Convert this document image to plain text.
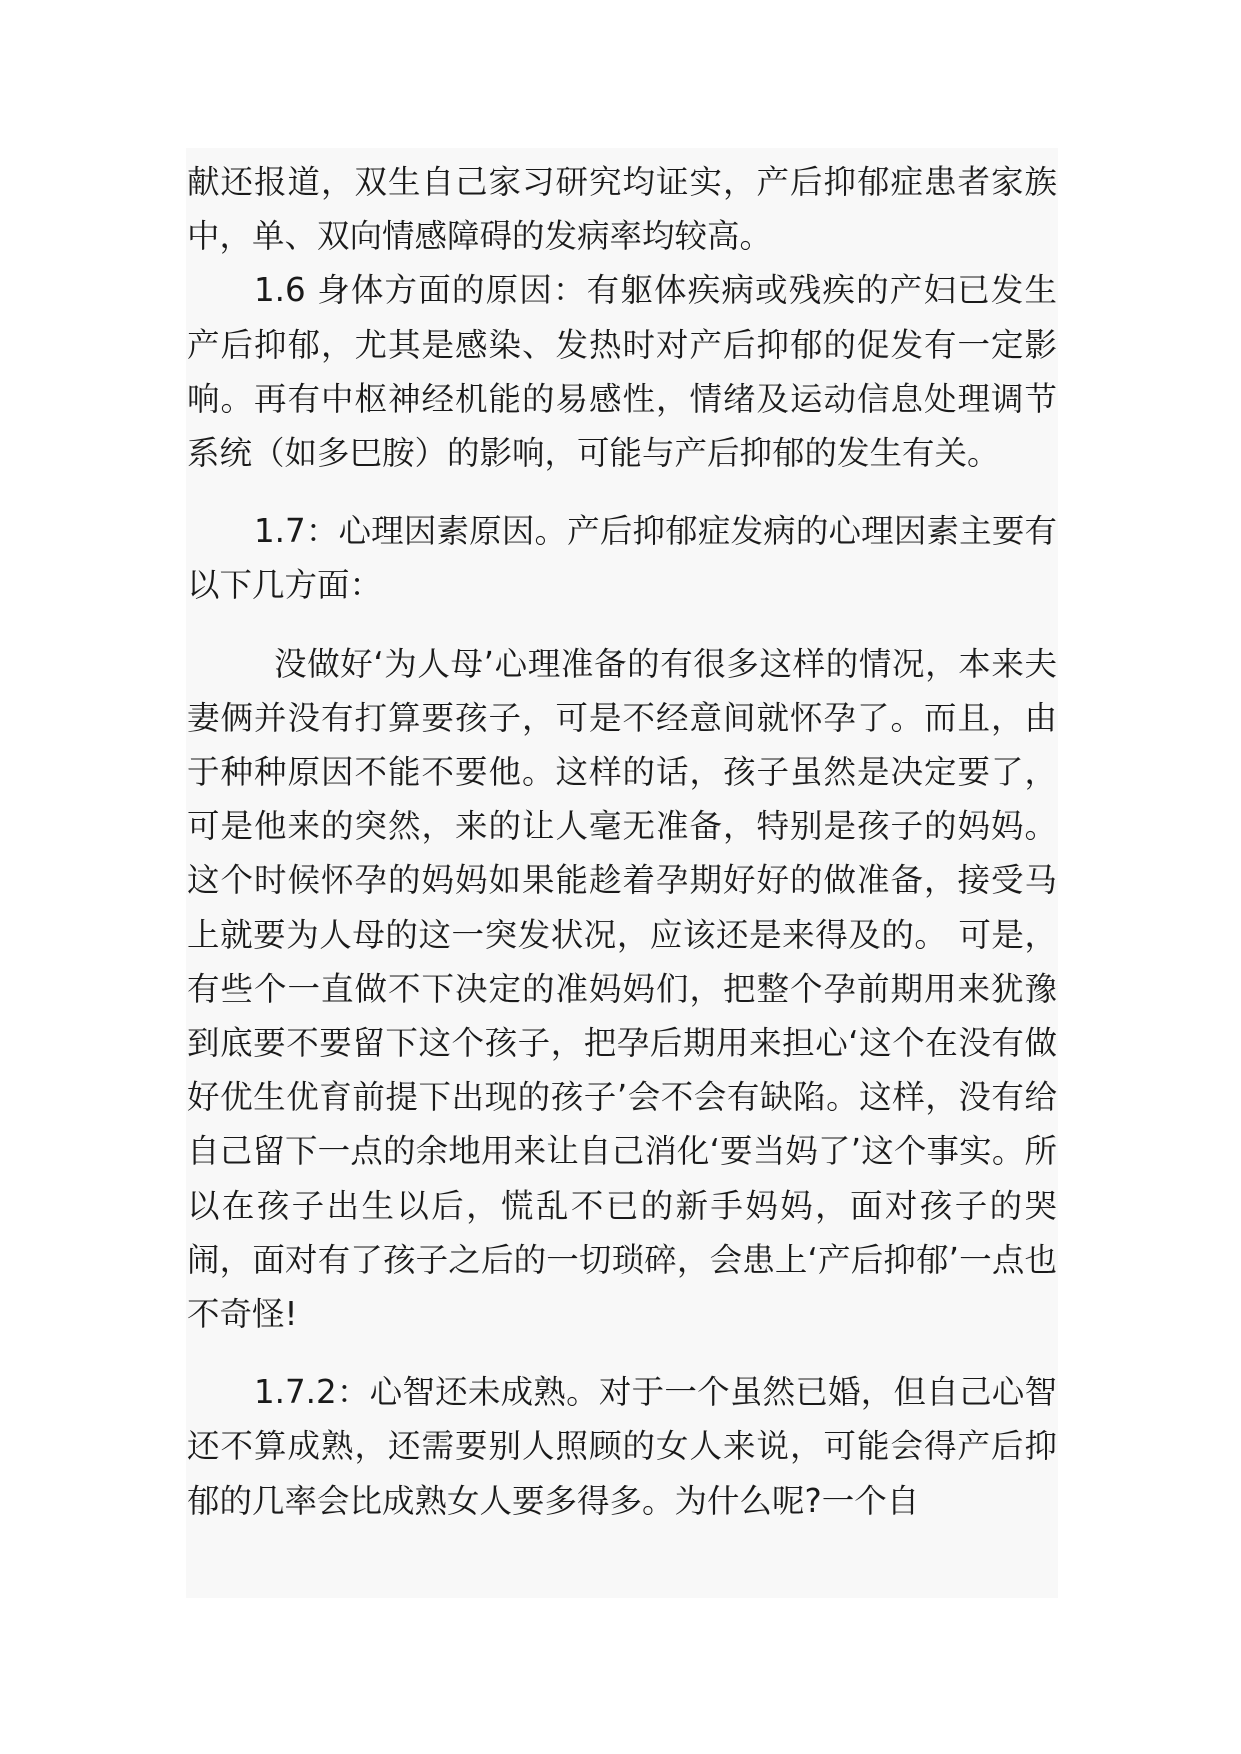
献还报道，双生自己家习研究均证实，产后抑郁症患者家族中，单、双向情感障碍的发病率均较高。

1.6 身体方面的原因：有躯体疾病或残疾的产妇已发生产后抑郁，尤其是感染、发热时对产后抑郁的促发有一定影响。再有中枢神经机能的易感性，情绪及运动信息处理调节系统（如多巴胺）的影响，可能与产后抑郁的发生有关。

1.7：心理因素原因。产后抑郁症发病的心理因素主要有以下几方面：

没做好‘为人母’心理准备的有很多这样的情况，本来夫妻俩并没有打算要孩子，可是不经意间就怀孕了。而且，由于种种原因不能不要他。这样的话，孩子虽然是决定要了，可是他来的突然，来的让人毫无准备，特别是孩子的妈妈。这个时候怀孕的妈妈如果能趁着孕期好好的做准备，接受马上就要为人母的这一突发状况，应该还是来得及的。 可是，有些个一直做不下决定的准妈妈们，把整个孕前期用来犹豫到底要不要留下这个孩子，把孕后期用来担心‘这个在没有做好优生优育前提下出现的孩子’会不会有缺陷。这样，没有给自己留下一点的余地用来让自己消化‘要当妈了’这个事实。所以在孩子出生以后，慌乱不已的新手妈妈，面对孩子的哭闹，面对有了孩子之后的一切琐碎，会患上‘产后抑郁’一点也不奇怪!

1.7.2：心智还未成熟。对于一个虽然已婚，但自己心智还不算成熟，还需要别人照顾的女人来说，可能会得产后抑郁的几率会比成熟女人要多得多。为什么呢?一个自
